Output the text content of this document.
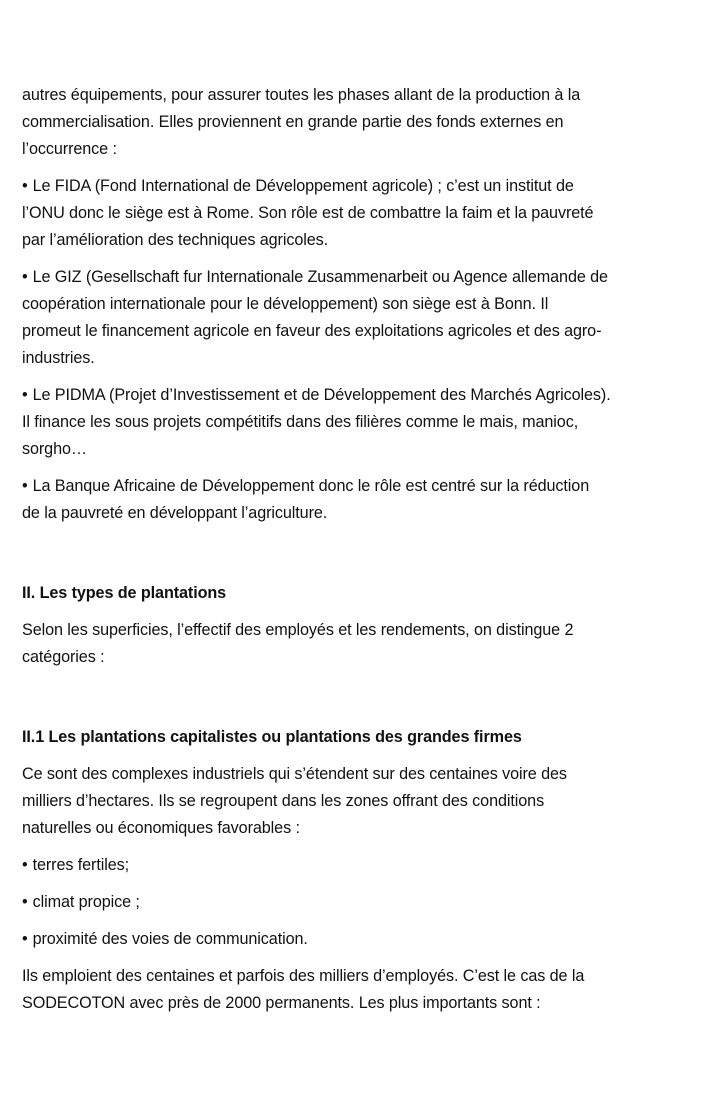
autres équipements, pour assurer toutes les phases allant de la production à la
commercialisation. Elles proviennent en grande partie des fonds externes en
l’occurrence :

• Le FIDA (Fond International de Développement agricole) ; c’est un institut de
l’ONU donc le siège est à Rome. Son rôle est de combattre la faim et la pauvreté
par l’amélioration des techniques agricoles.

• Le GIZ (Gesellschaft fur Internationale Zusammenarbeit ou Agence allemande de
coopération internationale pour le développement) son siège est à Bonn. Il
promeut le financement agricole en faveur des exploitations agricoles et des agro-
industries.

• Le PIDMA (Projet d’Investissement et de Développement des Marchés Agricoles).
Il finance les sous projets compétitifs dans des filières comme le mais, manioc,
sorgho…

• La Banque Africaine de Développement donc le rôle est centré sur la réduction
de la pauvreté en développant l’agriculture.

II. Les types de plantations

Selon les superficies, l’effectif des employés et les rendements, on distingue 2
catégories :

II.1 Les plantations capitalistes ou plantations des grandes firmes

Ce sont des complexes industriels qui s’étendent sur des centaines voire des
milliers d’hectares. Ils se regroupent dans les zones offrant des conditions
naturelles ou économiques favorables :

• terres fertiles;

• climat propice ;

• proximité des voies de communication.

Ils emploient des centaines et parfois des milliers d’employés. C’est le cas de la
SODECOTON avec près de 2000 permanents. Les plus importants sont :
